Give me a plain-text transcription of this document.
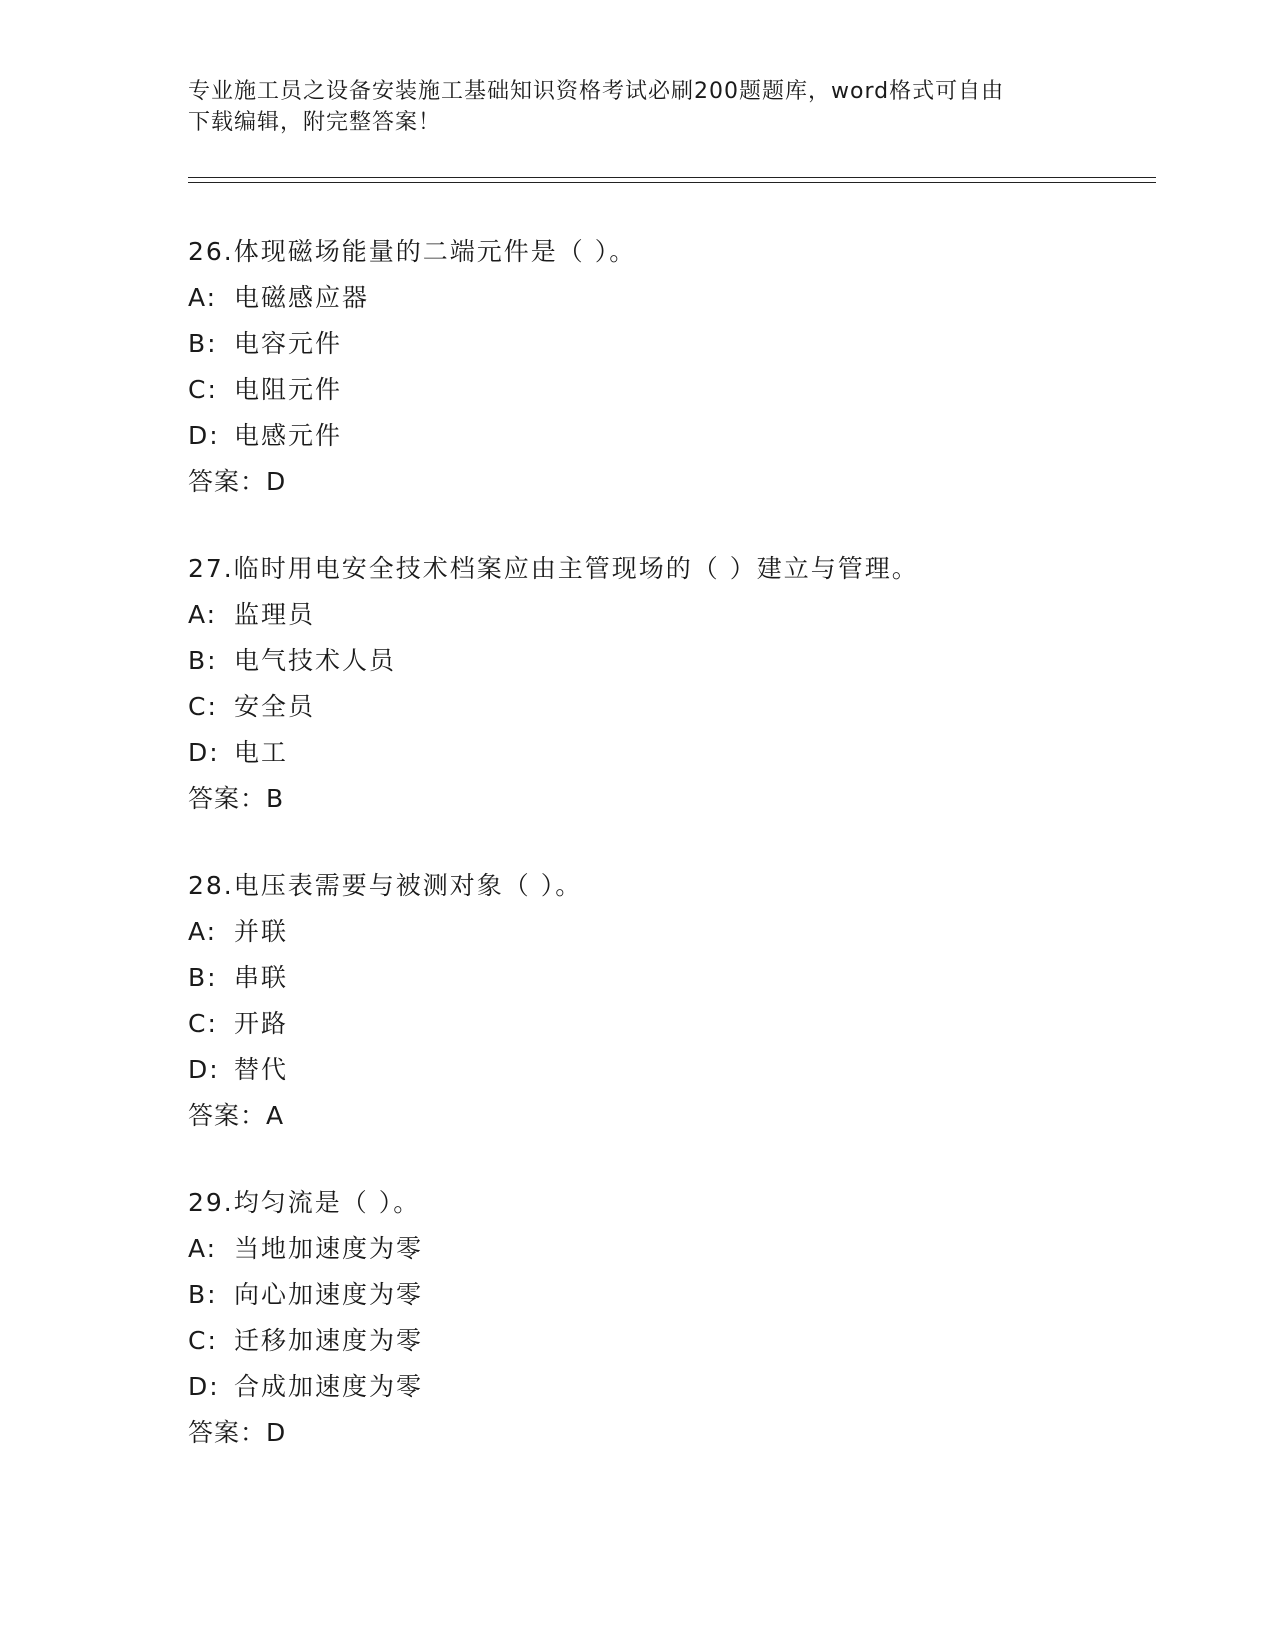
专业施工员之设备安装施工基础知识资格考试必刷200题题库，word格式可自由
下载编辑，附完整答案！
26.体现磁场能量的二端元件是（ ）。
A: 电磁感应器
B: 电容元件
C: 电阻元件
D: 电感元件
答案：D
27.临时用电安全技术档案应由主管现场的（ ）建立与管理。
A: 监理员
B: 电气技术人员
C: 安全员
D: 电工
答案：B
28.电压表需要与被测对象（ ）。
A: 并联
B: 串联
C: 开路
D: 替代
答案：A
29.均匀流是（ ）。
A: 当地加速度为零
B: 向心加速度为零
C: 迁移加速度为零
D: 合成加速度为零
答案：D
